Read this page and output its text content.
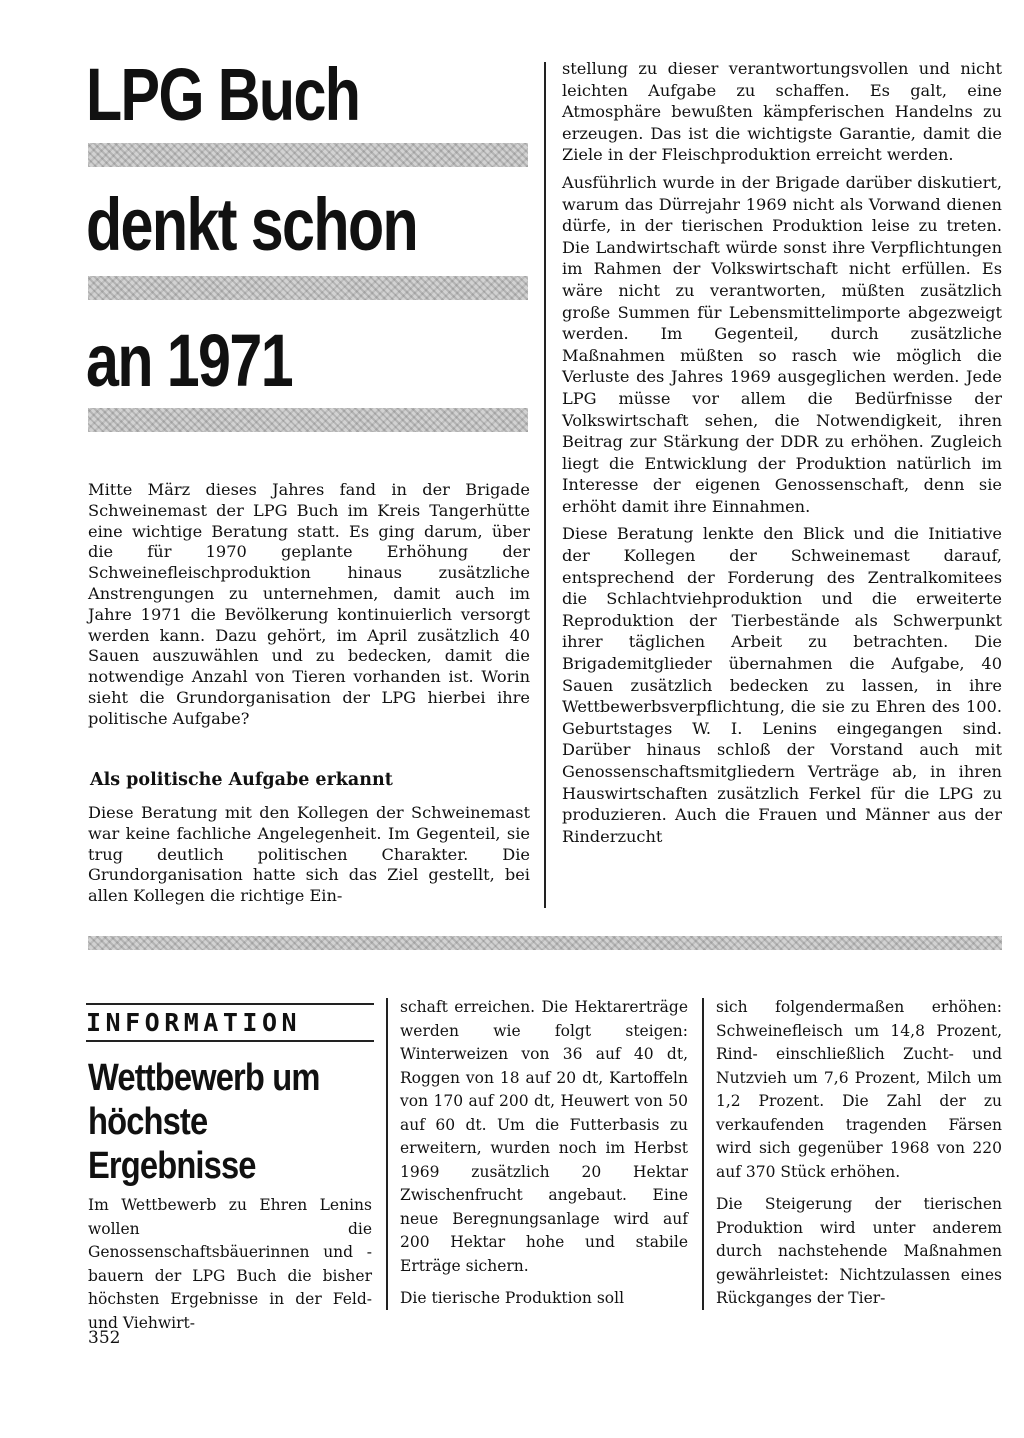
LPG Buch
denkt schon
an 1971

Mitte März dieses Jahres fand in der Brigade Schweinemast der LPG Buch im Kreis Tangerhütte eine wichtige Beratung statt. Es ging darum, über die für 1970 geplante Erhöhung der Schweinefleischproduktion hinaus zusätzliche Anstrengungen zu unternehmen, damit auch im Jahre 1971 die Bevölkerung kontinuierlich versorgt werden kann. Dazu gehört, im April zusätzlich 40 Sauen auszuwählen und zu bedecken, damit die notwendige Anzahl von Tieren vorhanden ist. Worin sieht die Grundorganisation der LPG hierbei ihre politische Aufgabe?

Als politische Aufgabe erkannt

Diese Beratung mit den Kollegen der Schweinemast war keine fachliche Angelegenheit. Im Gegenteil, sie trug deutlich politischen Charakter. Die Grundorganisation hatte sich das Ziel gestellt, bei allen Kollegen die richtige Ein-

stellung zu dieser verantwortungsvollen und nicht leichten Aufgabe zu schaffen. Es galt, eine Atmosphäre bewußten kämpferischen Handelns zu erzeugen. Das ist die wichtigste Garantie, damit die Ziele in der Fleischproduktion erreicht werden.

Ausführlich wurde in der Brigade darüber diskutiert, warum das Dürrejahr 1969 nicht als Vorwand dienen dürfe, in der tierischen Produktion leise zu treten. Die Landwirtschaft würde sonst ihre Verpflichtungen im Rahmen der Volkswirtschaft nicht erfüllen. Es wäre nicht zu verantworten, müßten zusätzlich große Summen für Lebensmittelimporte abgezweigt werden. Im Gegenteil, durch zusätzliche Maßnahmen müßten so rasch wie möglich die Verluste des Jahres 1969 ausgeglichen werden. Jede LPG müsse vor allem die Bedürfnisse der Volkswirtschaft sehen, die Notwendigkeit, ihren Beitrag zur Stärkung der DDR zu erhöhen. Zugleich liegt die Entwicklung der Produktion natürlich im Interesse der eigenen Genossenschaft, denn sie erhöht damit ihre Einnahmen.

Diese Beratung lenkte den Blick und die Initiative der Kollegen der Schweinemast darauf, entsprechend der Forderung des Zentralkomitees die Schlachtviehproduktion und die erweiterte Reproduktion der Tierbestände als Schwerpunkt ihrer täglichen Arbeit zu betrachten. Die Brigademitglieder übernahmen die Aufgabe, 40 Sauen zusätzlich bedecken zu lassen, in ihre Wettbewerbsverpflichtung, die sie zu Ehren des 100. Geburtstages W. I. Lenins eingegangen sind. Darüber hinaus schloß der Vorstand auch mit Genossenschaftsmitgliedern Verträge ab, in ihren Hauswirtschaften zusätzlich Ferkel für die LPG zu produzieren. Auch die Frauen und Männer aus der Rinderzucht

INFORMATION
Wettbewerb um
höchste
Ergebnisse

Im Wettbewerb zu Ehren Lenins wollen die Genossenschaftsbäuerinnen und -bauern der LPG Buch die bisher höchsten Ergebnisse in der Feld- und Viehwirt-

schaft erreichen. Die Hektarerträge werden wie folgt steigen: Winterweizen von 36 auf 40 dt, Roggen von 18 auf 20 dt, Kartoffeln von 170 auf 200 dt, Heuwert von 50 auf 60 dt. Um die Futterbasis zu erweitern, wurden noch im Herbst 1969 zusätzlich 20 Hektar Zwischenfrucht angebaut. Eine neue Beregnungsanlage wird auf 200 Hektar hohe und stabile Erträge sichern.

Die tierische Produktion soll

sich folgendermaßen erhöhen: Schweinefleisch um 14,8 Prozent, Rind- einschließlich Zucht- und Nutzvieh um 7,6 Prozent, Milch um 1,2 Prozent. Die Zahl der zu verkaufenden tragenden Färsen wird sich gegenüber 1968 von 220 auf 370 Stück erhöhen.

Die Steigerung der tierischen Produktion wird unter anderem durch nachstehende Maßnahmen gewährleistet: Nichtzulassen eines Rückganges der Tier-

352
